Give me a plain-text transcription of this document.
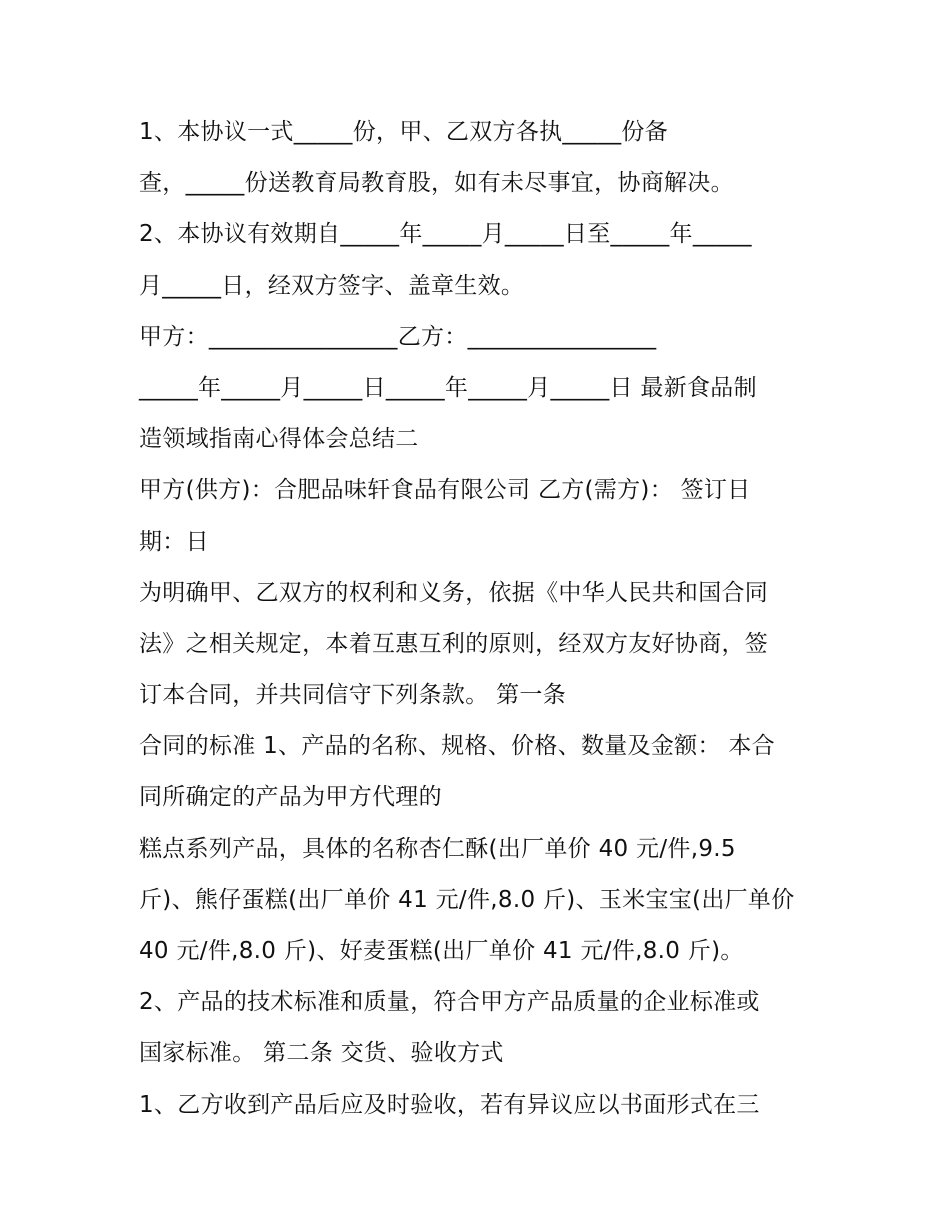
1、本协议一式_____份，甲、乙双方各执_____份备
查，_____份送教育局教育股，如有未尽事宜，协商解决。
2、本协议有效期自_____年_____月_____日至_____年_____
月_____日，经双方签字、盖章生效。
甲方：________________乙方：________________
_____年_____月_____日_____年_____月_____日 最新食品制
造领域指南心得体会总结二
甲方(供方)：合肥品味轩食品有限公司 乙方(需方)： 签订日
期：日
为明确甲、乙双方的权利和义务，依据《中华人民共和国合同
法》之相关规定，本着互惠互利的原则，经双方友好协商，签
订本合同，并共同信守下列条款。 第一条
合同的标准 1、产品的名称、规格、价格、数量及金额： 本合
同所确定的产品为甲方代理的
糕点系列产品，具体的名称杏仁酥(出厂单价 40 元/件,9.5
斤)、熊仔蛋糕(出厂单价 41 元/件,8.0 斤)、玉米宝宝(出厂单价
40 元/件,8.0 斤)、好麦蛋糕(出厂单价 41 元/件,8.0 斤)。
2、产品的技术标准和质量，符合甲方产品质量的企业标准或
国家标准。 第二条 交货、验收方式
1、乙方收到产品后应及时验收，若有异议应以书面形式在三
